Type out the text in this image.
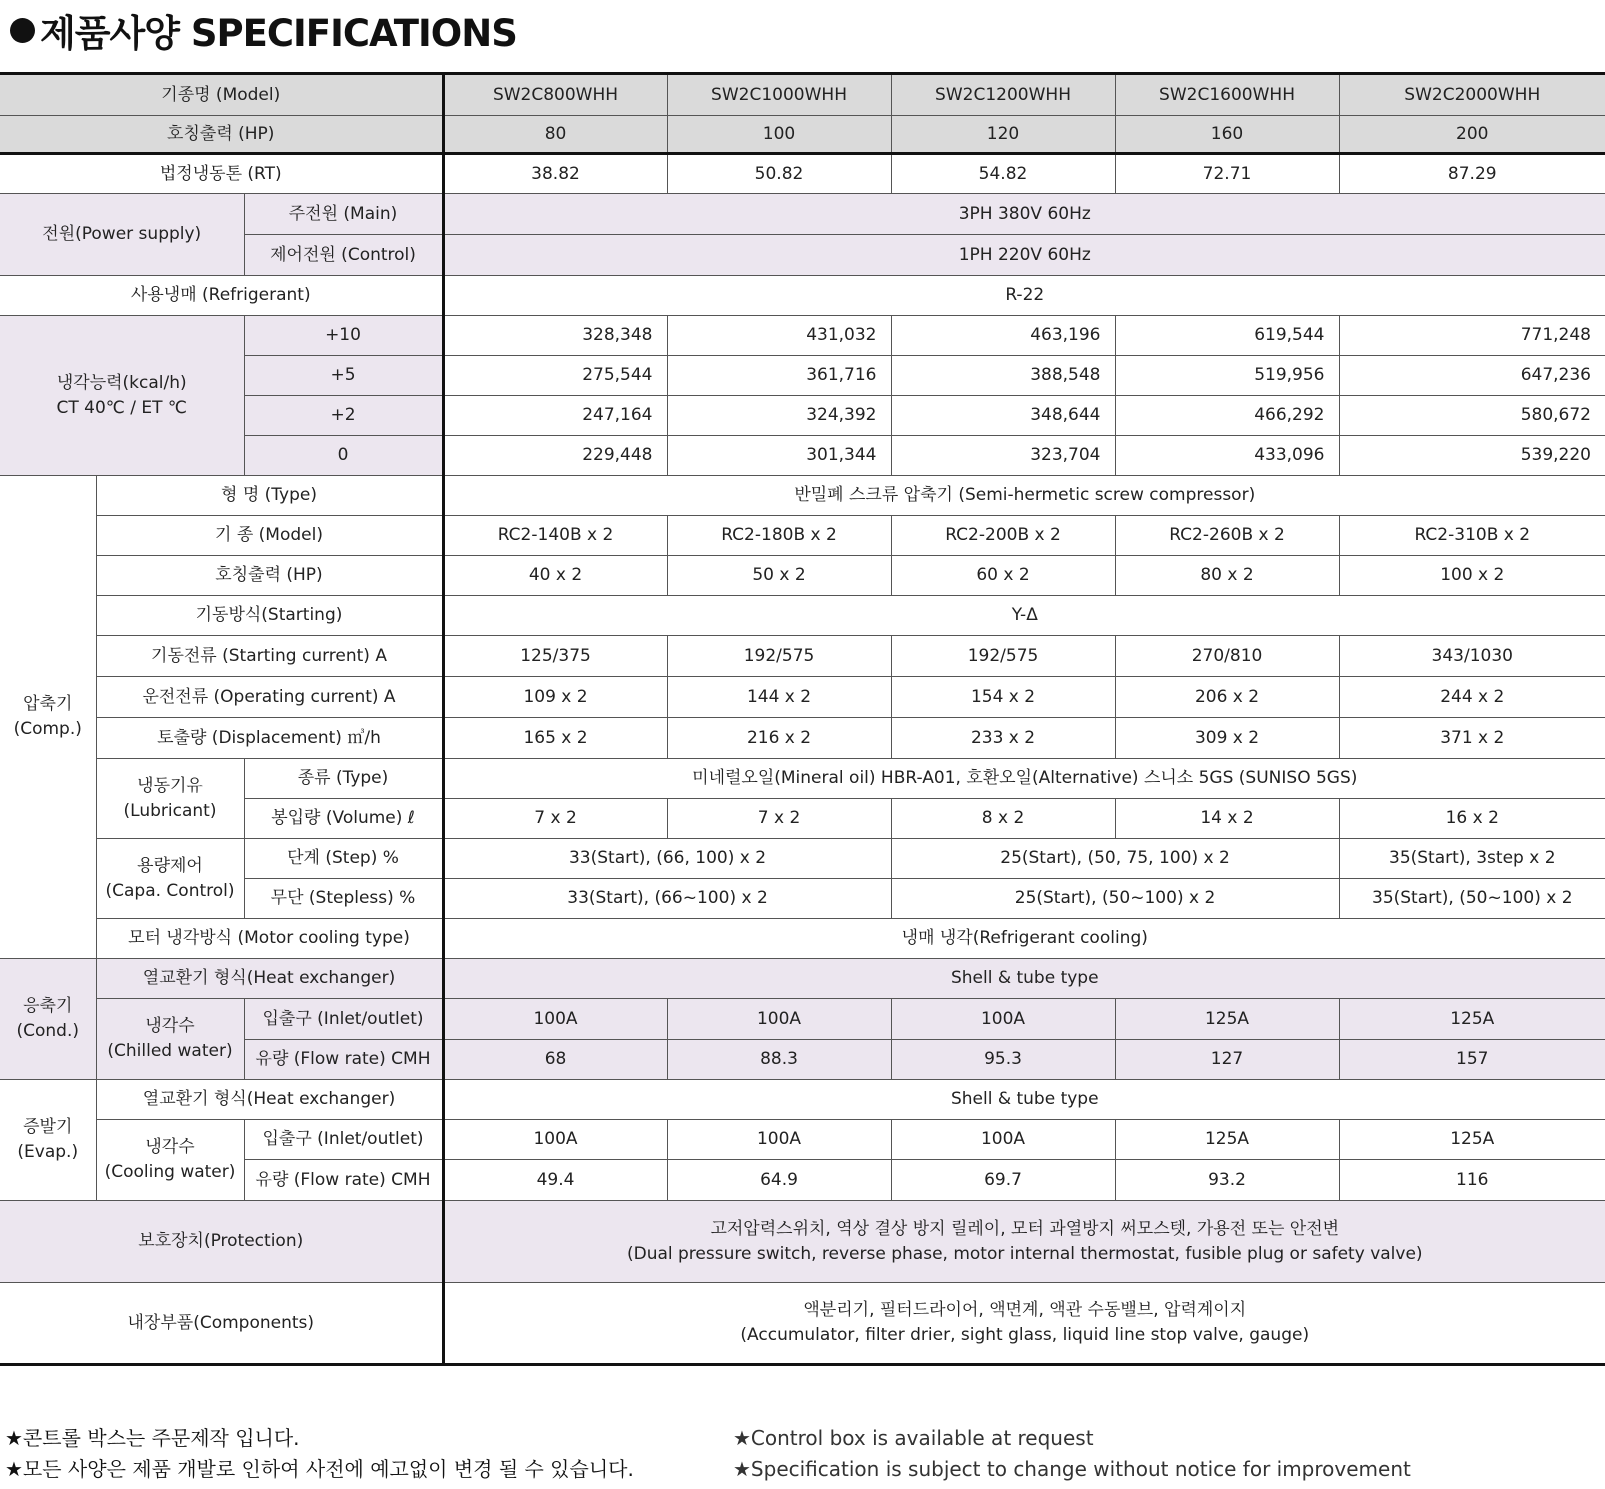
제품사양 SPECIFICATIONS
기종명 (Model)			SW2C800WHH	SW2C1000WHH	SW2C1200WHH	SW2C1600WHH	SW2C2000WHH
호칭출력 (HP)			80	100	120	160	200
법정냉동톤 (RT)			38.82	50.82	54.82	72.71	87.29
전원(Power supply)		주전원 (Main)	3PH 380V 60Hz				
		제어전원 (Control)	1PH 220V 60Hz				
사용냉매 (Refrigerant)			R-22				

냉각능력(kcal/h)
CT 40℃ / ET ℃		+10	328,348	431,032	463,196	619,544	771,248
		+5	275,544	361,716	388,548	519,956	647,236
		+2	247,164	324,392	348,644	466,292	580,672
		0	229,448	301,344	323,704	433,096	539,220

압축기
(Comp.)	형 명 (Type)		반밀폐 스크류 압축기 (Semi-hermetic screw compressor)				
	기 종 (Model)		RC2-140B x 2	RC2-180B x 2	RC2-200B x 2	RC2-260B x 2	RC2-310B x 2
	호칭출력 (HP)		40 x 2	50 x 2	60 x 2	80 x 2	100 x 2
	기동방식(Starting)		Y-Δ				
	기동전류 (Starting current) A		125/375	192/575	192/575	270/810	343/1030
	운전전류 (Operating current) A		109 x 2	144 x 2	154 x 2	206 x 2	244 x 2
	토출량 (Displacement) ㎥/h		165 x 2	216 x 2	233 x 2	309 x 2	371 x 2

	냉동기유
(Lubricant)	종류 (Type)	미네럴오일(Mineral oil) HBR-A01, 호환오일(Alternative) 스니소 5GS (SUNISO 5GS)				
		봉입량 (Volume) ℓ	7 x 2	7 x 2	8 x 2	14 x 2	16 x 2

	용량제어
(Capa. Control)	단계 (Step) %	33(Start), (66, 100) x 2		25(Start), (50, 75, 100) x 2		35(Start), 3step x 2
		무단 (Stepless) %	33(Start), (66~100) x 2		25(Start), (50~100) x 2		35(Start), (50~100) x 2
	모터 냉각방식 (Motor cooling type)		냉매 냉각(Refrigerant cooling)				

응축기
(Cond.)	열교환기 형식(Heat exchanger)		Shell & tube type				

	냉각수
(Chilled water)	입출구 (Inlet/outlet)	100A	100A	100A	125A	125A
		유량 (Flow rate) CMH	68	88.3	95.3	127	157

증발기
(Evap.)	열교환기 형식(Heat exchanger)		Shell & tube type				

	냉각수
(Cooling water)	입출구 (Inlet/outlet)	100A	100A	100A	125A	125A
		유량 (Flow rate) CMH	49.4	64.9	69.7	93.2	116
보호장치(Protection)			고저압력스위치, 역상 결상 방지 릴레이, 모터 과열방지 써모스텟, 가용전 또는 안전변
(Dual pressure switch, reverse phase, motor internal thermostat, fusible plug or safety valve)				

내장부품(Components)			액분리기, 필터드라이어, 액면계, 액관 수동밸브, 압력계이지
(Accumulator, filter drier, sight glass, liquid line stop valve, gauge)				
★콘트롤 박스는 주문제작 입니다.
★모든 사양은 제품 개발로 인하여 사전에 예고없이 변경 될 수 있습니다.
★Control box is available at request
★Specification is subject to change without notice for improvement
